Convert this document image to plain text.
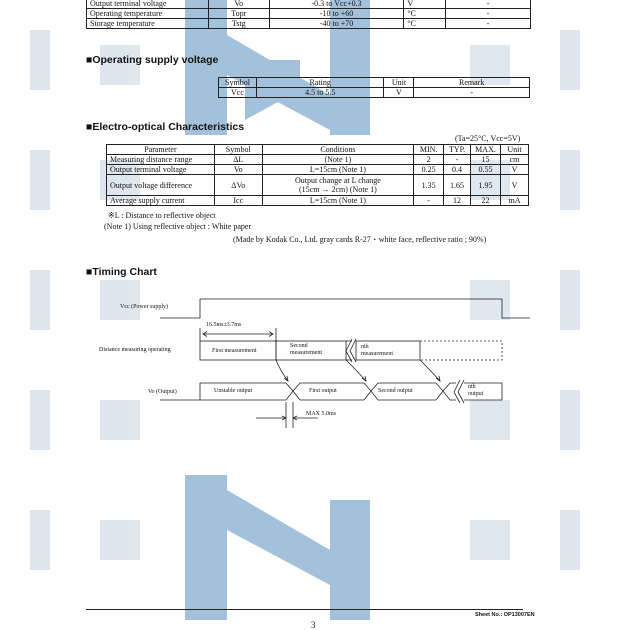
Output terminal voltage	Vo	-0.3 to Vcc+0.3	V	-
Operating temperature	Topr	-10 to +60	°C	-
Storage temperature	Tstg	-40 to +70	°C	-
■Operating supply voltage
Symbol	Rating	Unit	Remark
Vcc	4.5 to 5.5	V	-
■Electro-optical Characteristics
(Ta=25°C, Vcc=5V)
Parameter	Symbol	Conditions	MIN.	TYP.	MAX.	Unit
Measuring distance range	ΔL	(Note 1)	2	-	15	cm
Output terminal voltage	Vo	L=15cm (Note 1)	0.25	0.4	0.55	V
Output voltage difference	ΔVo	Output change at L change
(15cm → 2cm) (Note 1)	1.35	1.65	1.95	V
Average supply current	Icc	L=15cm (Note 1)	-	12	22	mA
※L : Distance to reflective object
(Note 1) Using reflective object : White paper
(Made by Kodak Co., Ltd. gray cards R-27・white face, reflective ratio ; 90%)
■Timing Chart
Vcc (Power supply)
Distance measuring operating
Vo (Output)
16.5ms±3.7ms
First measurement
Second
measurement
nth
measurement
Unstable output	First output	Second output
nth
output
MAX 5.0ms
Sheet No.: OP13007EN
3
